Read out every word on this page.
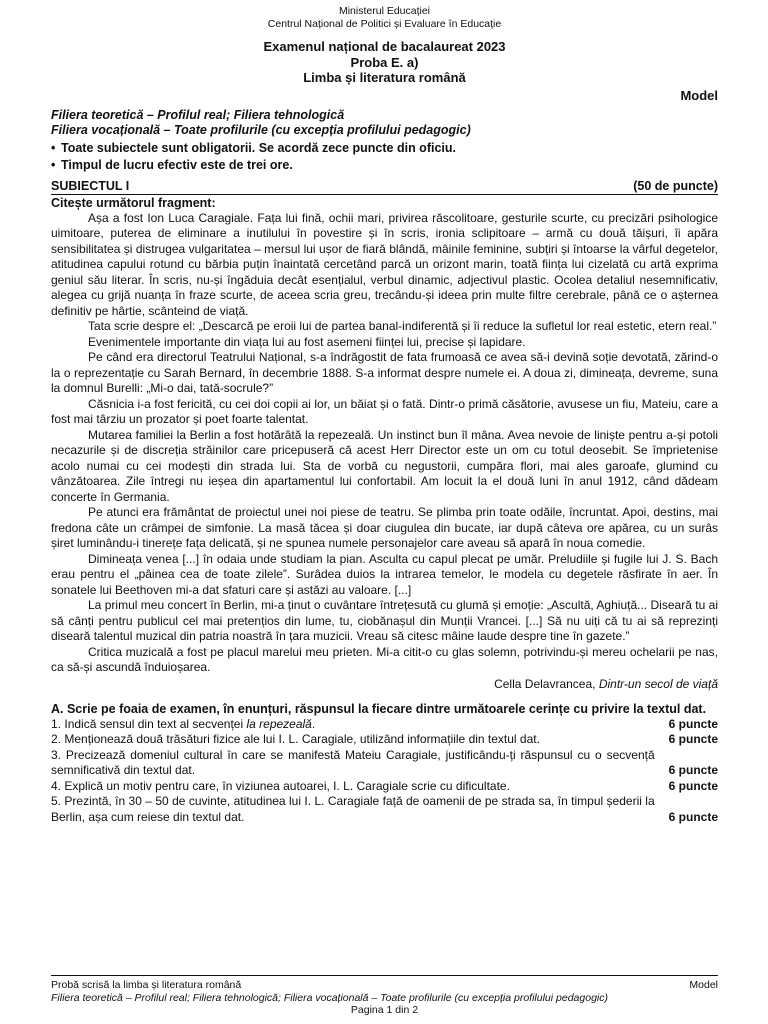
Ministerul Educației
Centrul Național de Politici și Evaluare în Educație
Examenul național de bacalaureat 2023
Proba E. a)
Limba și literatura română
Model
Filiera teoretică – Profilul real; Filiera tehnologică
Filiera vocațională – Toate profilurile (cu excepția profilului pedagogic)
• Toate subiectele sunt obligatorii. Se acordă zece puncte din oficiu.
• Timpul de lucru efectiv este de trei ore.
SUBIECTUL I	(50 de puncte)
Citește următorul fragment:

Așa a fost Ion Luca Caragiale. Fața lui fină, ochii mari, privirea răscolitoare, gesturile scurte, cu precizări psihologice uimitoare, puterea de eliminare a inutilului în povestire și în scris, ironia sclipitoare – armă cu două tăișuri, îi apăra sensibilitatea și distrugea vulgaritatea – mersul lui ușor de fiară blândă, mâinile feminine, subțiri și întoarse la vârful degetelor, atitudinea capului rotund cu bărbia puțin înaintată cercetând parcă un orizont marin, toată ființa lui cizelată cu artă exprima geniul său literar. În scris, nu-și îngăduia decât esențialul, verbul dinamic, adjectivul plastic. Ocolea detaliul nesemnificativ, alegea cu grijă nuanța în fraze scurte, de aceea scria greu, trecându-și ideea prin multe filtre cerebrale, până ce o așternea definitiv pe hârtie, scânteind de viață.

Tata scrie despre el: „Descarcă pe eroii lui de partea banal-indiferentă și îi reduce la sufletul lor real estetic, etern real.”

Evenimentele importante din viața lui au fost asemeni ființei lui, precise și lapidare.

Pe când era directorul Teatrului Național, s-a îndrăgostit de fata frumoasă ce avea să-i devină soție devotată, zărind-o la o reprezentație cu Sarah Bernard, în decembrie 1888. S-a informat despre numele ei. A doua zi, dimineața, devreme, suna la domnul Burelli: „Mi-o dai, tată-socrule?”

Căsnicia i-a fost fericită, cu cei doi copii ai lor, un băiat și o fată. Dintr-o primă căsătorie, avusese un fiu, Mateiu, care a fost mai târziu un prozator și poet foarte talentat.

Mutarea familiei la Berlin a fost hotărâtă la repezeală. Un instinct bun îl mâna. Avea nevoie de liniște pentru a-și potoli necazurile și de discreția străinilor care pricepuseră că acest Herr Director este un om cu totul deosebit. Se împrietenise acolo numai cu cei modești din strada lui. Sta de vorbă cu negustorii, cumpăra flori, mai ales garoafe, glumind cu vânzătoarea. Zile întregi nu ieșea din apartamentul lui confortabil. Am locuit la el două luni în anul 1912, când dădeam concerte în Germania.

Pe atunci era frământat de proiectul unei noi piese de teatru. Se plimba prin toate odăile, încruntat. Apoi, destins, mai fredona câte un crâmpei de simfonie. La masă tăcea și doar ciugulea din bucate, iar după câteva ore apărea, cu un surâs șiret luminându-i tinerețe fața delicată, și ne spunea numele personajelor care aveau să apară în noua comedie.

Dimineața venea [...] în odaia unde studiam la pian. Asculta cu capul plecat pe umăr. Preludiile și fugile lui J. S. Bach erau pentru el „pâinea cea de toate zilele”. Surâdea duios la intrarea temelor, le modela cu degetele răsfirate în aer. În sonatele lui Beethoven mi-a dat sfaturi care și astăzi au valoare. [...]

La primul meu concert în Berlin, mi-a ținut o cuvântare întrețesută cu glumă și emoție: „Ascultă, Aghiuță... Diseară tu ai să cânți pentru publicul cel mai pretențios din lume, tu, ciobănașul din Munții Vrancei. [...] Să nu uiți că tu ai să reprezinți diseară talentul muzical din patria noastră în țara muzicii. Vreau să citesc mâine laude despre tine în gazete.”

Critica muzicală a fost pe placul marelui meu prieten. Mi-a citit-o cu glas solemn, potrivindu-și mereu ochelarii pe nas, ca să-și ascundă înduioșarea.

Cella Delavrancea, Dintr-un secol de viață
A. Scrie pe foaia de examen, în enunțuri, răspunsul la fiecare dintre următoarele cerințe cu privire la textul dat.
1. Indică sensul din text al secvenței la repezeală.	6 puncte
2. Menționează două trăsături fizice ale lui I. L. Caragiale, utilizând informațiile din textul dat.	6 puncte
3. Precizează domeniul cultural în care se manifestă Mateiu Caragiale, justificându-ți răspunsul cu o secvență semnificativă din textul dat.	6 puncte
4. Explică un motiv pentru care, în viziunea autoarei, I. L. Caragiale scrie cu dificultate.	6 puncte
5. Prezintă, în 30 – 50 de cuvinte, atitudinea lui I. L. Caragiale față de oamenii de pe strada sa, în timpul șederii la Berlin, așa cum reiese din textul dat.	6 puncte
Probă scrisă la limba și literatura română	Model
Filiera teoretică – Profilul real; Filiera tehnologică; Filiera vocațională – Toate profilurile (cu excepția profilului pedagogic)
Pagina 1 din 2
